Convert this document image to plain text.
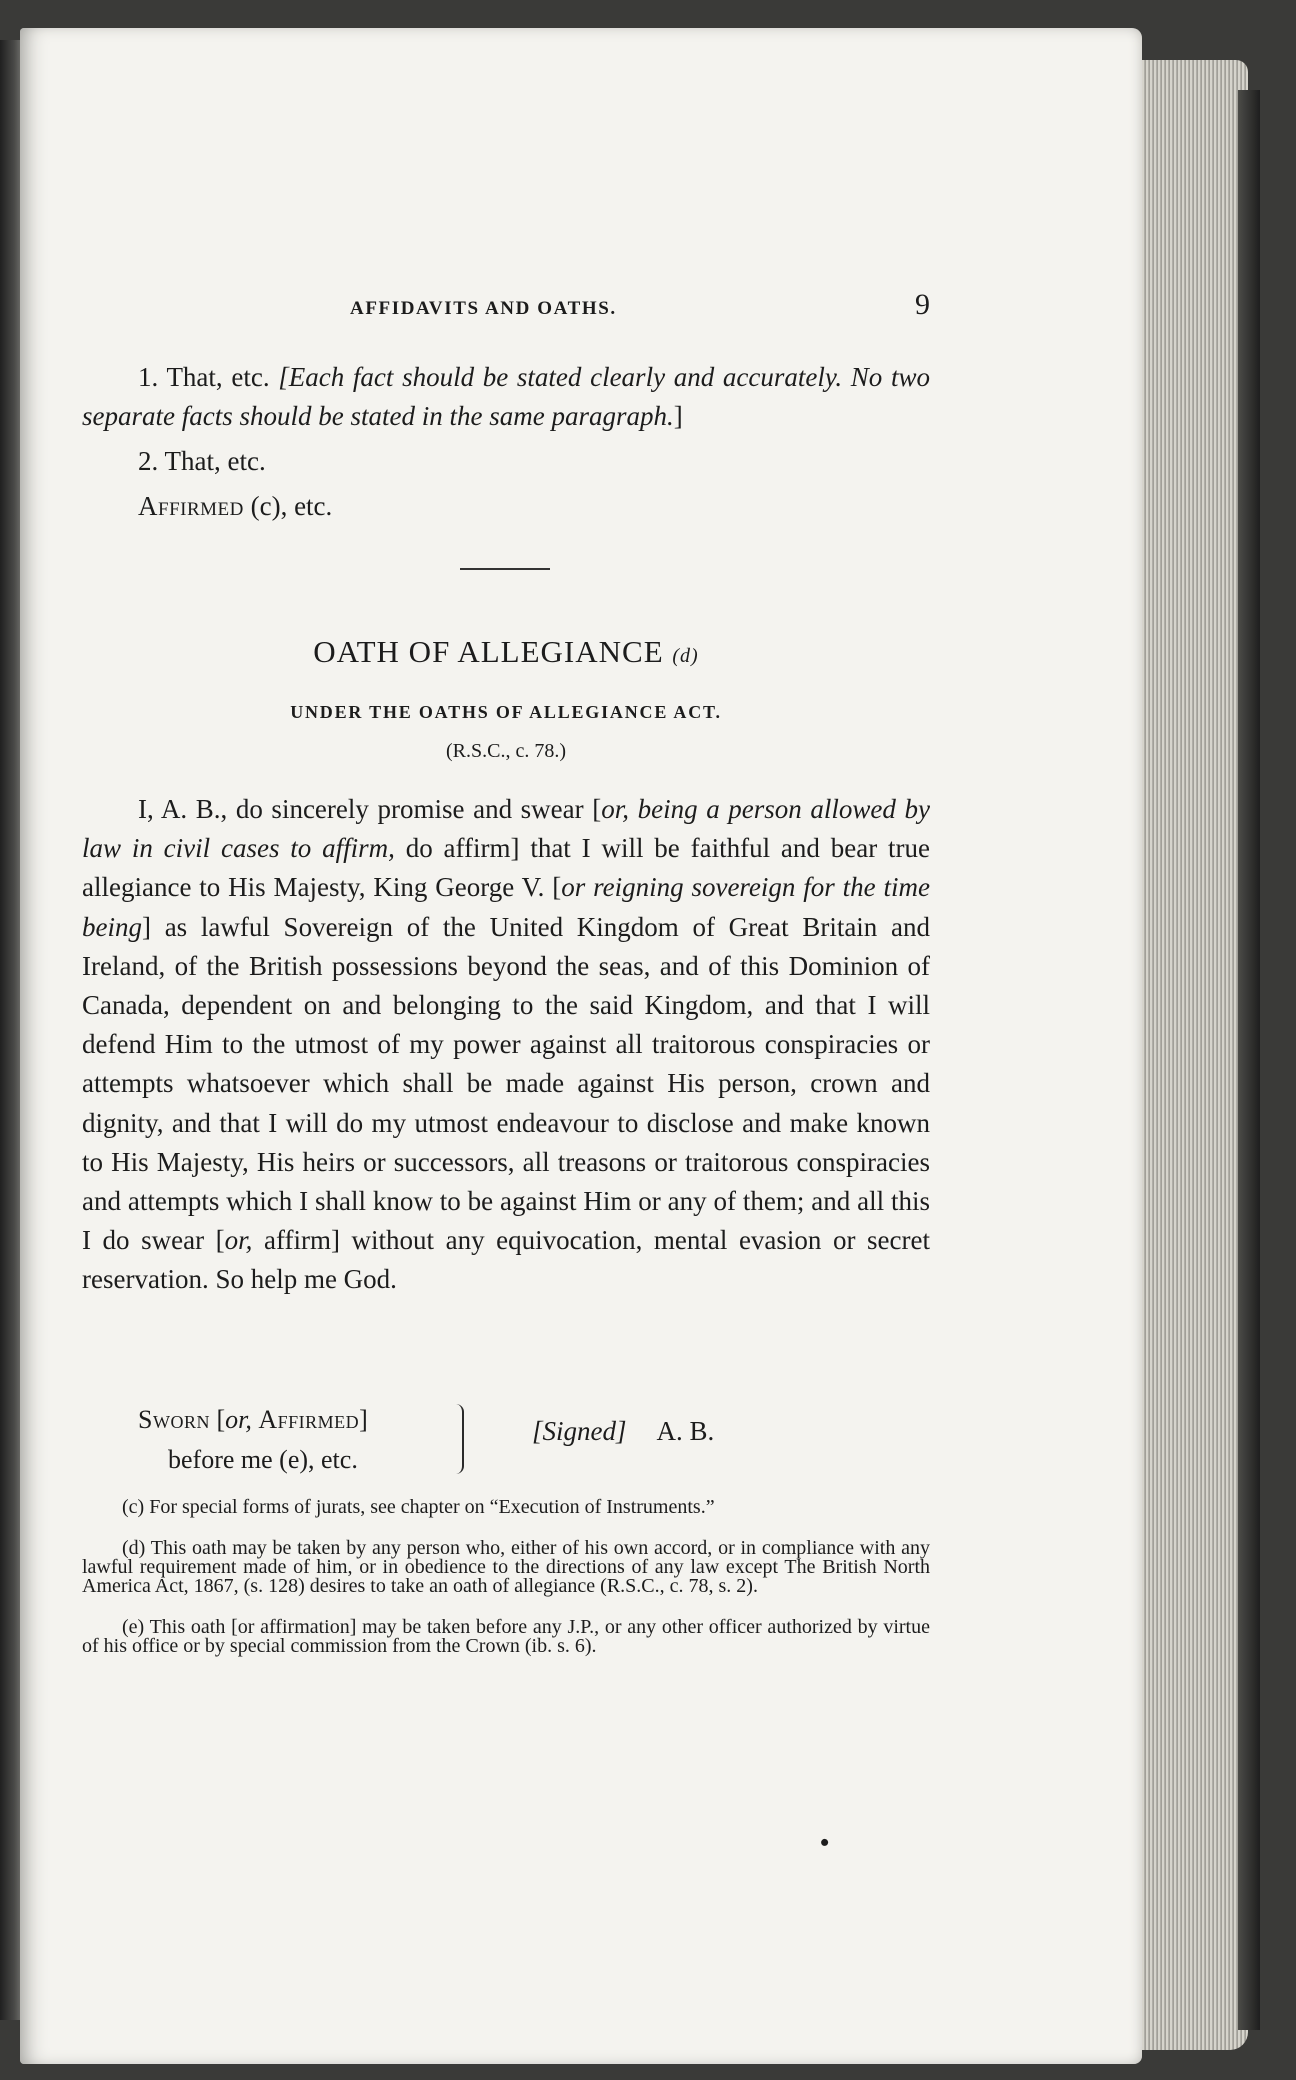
AFFIDAVITS AND OATHS.	9

1. That, etc. [Each fact should be stated clearly and accurately. No two separate facts should be stated in the same paragraph.]

2. That, etc.

Affirmed (c), etc.

OATH OF ALLEGIANCE (d)
UNDER THE OATHS OF ALLEGIANCE ACT.
(R.S.C., c. 78.)

I, A. B., do sincerely promise and swear [or, being a person allowed by law in civil cases to affirm, do affirm] that I will be faithful and bear true allegiance to His Majesty, King George V. [or reigning sovereign for the time being] as lawful Sovereign of the United Kingdom of Great Britain and Ireland, of the British possessions beyond the seas, and of this Dominion of Canada, dependent on and belonging to the said Kingdom, and that I will defend Him to the utmost of my power against all traitorous conspiracies or attempts whatsoever which shall be made against His person, crown and dignity, and that I will do my utmost endeavour to disclose and make known to His Majesty, His heirs or successors, all treasons or traitorous conspiracies and attempts which I shall know to be against Him or any of them; and all this I do swear [or, affirm] without any equivocation, mental evasion or secret reservation. So help me God.

Sworn [or, Affirmed]
before me (e), etc.
[Signed] A. B.

(c) For special forms of jurats, see chapter on “Execution of Instruments.”

(d) This oath may be taken by any person who, either of his own accord, or in compliance with any lawful requirement made of him, or in obedience to the directions of any law except The British North America Act, 1867, (s. 128) desires to take an oath of allegiance (R.S.C., c. 78, s. 2).

(e) This oath [or affirmation] may be taken before any J.P., or any other officer authorized by virtue of his office or by special commission from the Crown (ib. s. 6).

•
